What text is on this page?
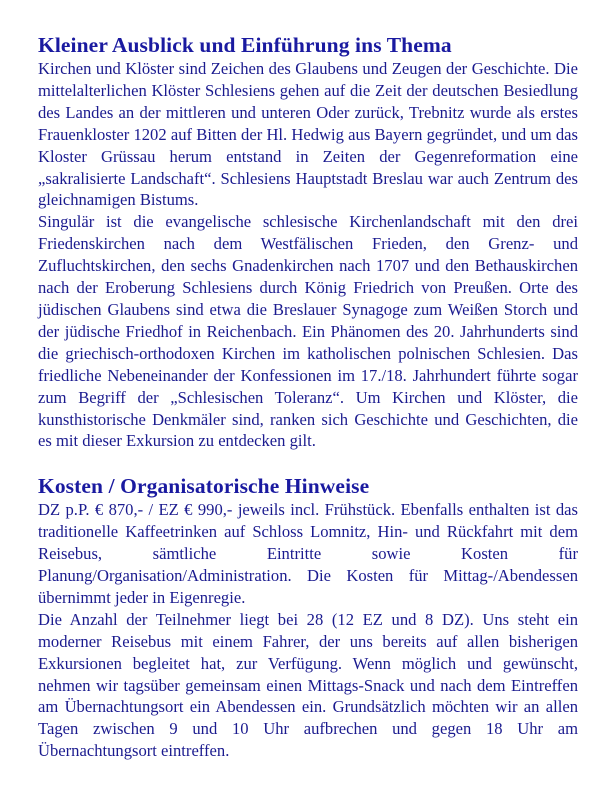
Kleiner Ausblick und Einführung ins Thema

Kirchen und Klöster sind Zeichen des Glaubens und Zeugen der Geschichte. Die mittelalterlichen Klöster Schlesiens gehen auf die Zeit der deutschen Besiedlung des Landes an der mittleren und unteren Oder zurück, Trebnitz wurde als erstes Frauenkloster 1202 auf Bitten der Hl. Hedwig aus Bayern gegründet, und um das Kloster Grüssau herum entstand in Zeiten der Gegenreformation eine „sakralisierte Landschaft“. Schlesiens Hauptstadt Breslau war auch Zentrum des gleichnamigen Bistums.

Singulär ist die evangelische schlesische Kirchenlandschaft mit den drei Friedenskirchen nach dem Westfälischen Frieden, den Grenz- und Zufluchtskirchen, den sechs Gnadenkirchen nach 1707 und den Bethauskirchen nach der Eroberung Schlesiens durch König Friedrich von Preußen. Orte des jüdischen Glaubens sind etwa die Breslauer Synagoge zum Weißen Storch und der jüdische Friedhof in Reichenbach. Ein Phänomen des 20. Jahrhunderts sind die griechisch-orthodoxen Kirchen im katholischen polnischen Schlesien. Das friedliche Nebeneinander der Konfessionen im 17./18. Jahrhundert führte sogar zum Begriff der „Schlesischen Toleranz“. Um Kirchen und Klöster, die kunsthistorische Denkmäler sind, ranken sich Geschichte und Geschichten, die es mit dieser Exkursion zu entdecken gilt.

Kosten / Organisatorische Hinweise

DZ p.P. € 870,- / EZ € 990,- jeweils incl. Frühstück. Ebenfalls enthalten ist das traditionelle Kaffeetrinken auf Schloss Lomnitz, Hin- und Rückfahrt mit dem Reisebus, sämtliche Eintritte sowie Kosten für Planung/Organisation/Administration. Die Kosten für Mittag-/Abendessen übernimmt jeder in Eigenregie.

Die Anzahl der Teilnehmer liegt bei 28 (12 EZ und 8 DZ). Uns steht ein moderner Reisebus mit einem Fahrer, der uns bereits auf allen bisherigen Exkursionen begleitet hat, zur Verfügung. Wenn möglich und gewünscht, nehmen wir tagsüber gemeinsam einen Mittags-Snack und nach dem Eintreffen am Übernachtungsort ein Abendessen ein. Grundsätzlich möchten wir an allen Tagen zwischen 9 und 10 Uhr aufbrechen und gegen 18 Uhr am Übernachtungsort eintreffen.
